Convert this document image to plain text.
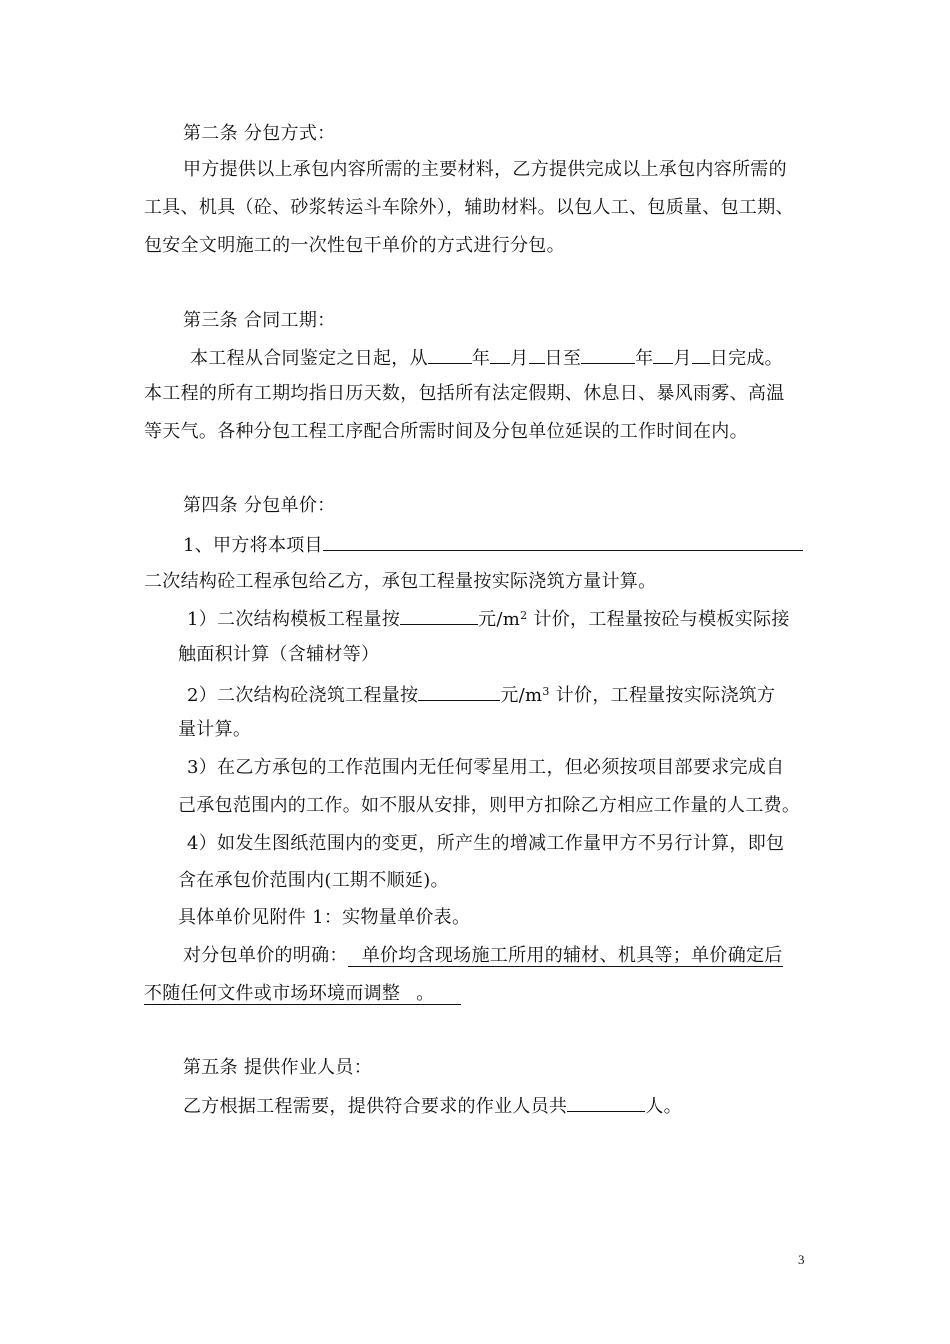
第二条 分包方式：
甲方提供以上承包内容所需的主要材料，乙方提供完成以上承包内容所需的
工具、机具（砼、砂浆转运斗车除外），辅助材料。以包人工、包质量、包工期、
包安全文明施工的一次性包干单价的方式进行分包。
第三条 合同工期：
本工程从合同鉴定之日起，从 年 月 日至	年 月 日完成。
本工程的所有工期均指日历天数，包括所有法定假期、休息日、暴风雨雾、高温
等天气。各种分包工程工序配合所需时间及分包单位延误的工作时间在内。
第四条 分包单价：
1、甲方将本项目
二次结构砼工程承包给乙方，承包工程量按实际浇筑方量计算。
1）二次结构模板工程量按	元$/m^2$ 计价，工程量按砼与模板实际接
触面积计算（含辅材等）
2）二次结构砼浇筑工程量按	元$/m^3$ 计价，工程量按实际浇筑方
量计算。
3）在乙方承包的工作范围内无任何零星用工，但必须按项目部要求完成自
己承包范围内的工作。如不服从安排，则甲方扣除乙方相应工作量的人工费。
4）如发生图纸范围内的变更，所产生的增减工作量甲方不另行计算，即包
含在承包价范围内(工期不顺延)。
具体单价见附件 1：实物量单价表。
对分包单价的明确： 单价均含现场施工所用的辅材、机具等；单价确定后
不随任何文件或市场环境而调整 。
第五条 提供作业人员：
乙方根据工程需要，提供符合要求的作业人员共	人。
3
